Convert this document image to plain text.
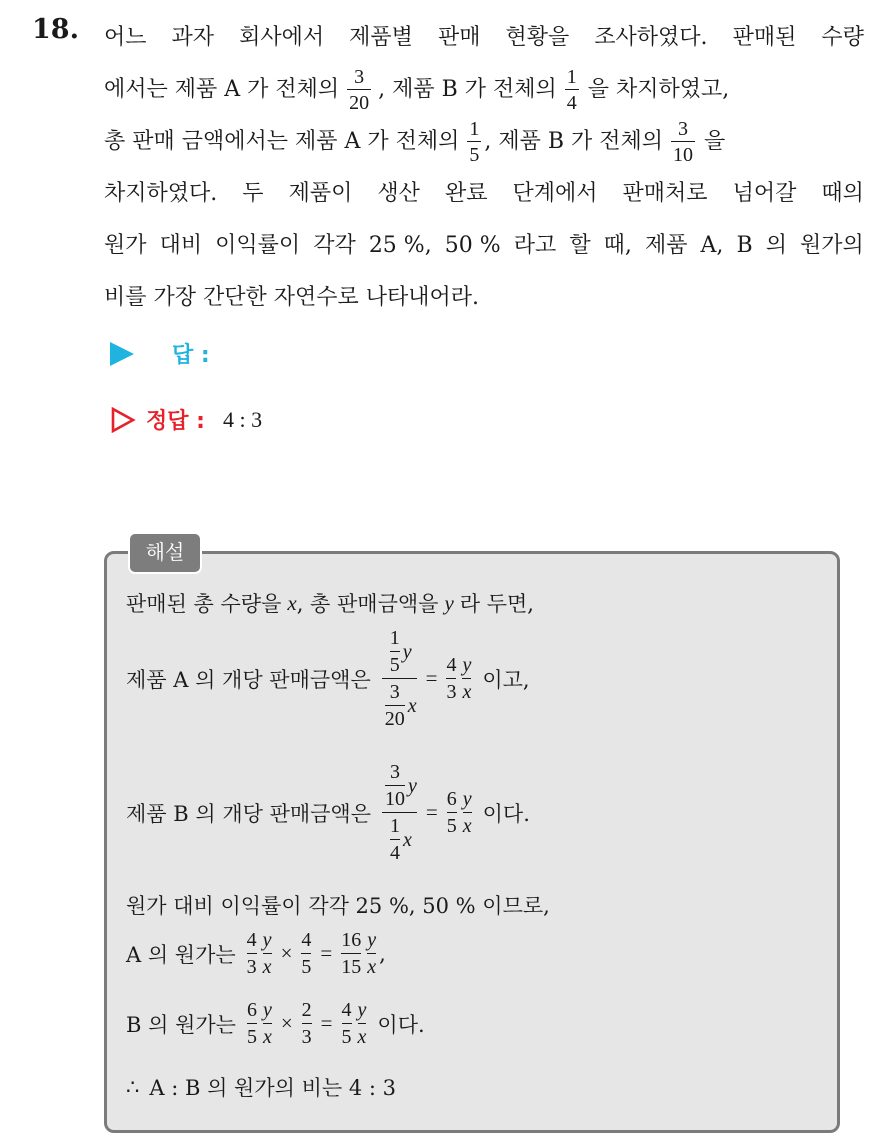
18. 어느 과자 회사에서 제품별 판매 현황을 조사하였다. 판매된 수량
에서는 제품 A 가 전체의 3
20
, 제품 B 가 전체의 1
4
을 차지하였고,
총 판매 금액에서는 제품 A 가 전체의 1
5
, 제품 B 가 전체의 3
10
을
차지하였다. 두 제품이 생산 완료 단계에서 판매처로 넘어갈 때의
원가 대비 이익률이 각각 25 %, 50 % 라고 할 때, 제품 A, B 의 원가의
비를 가장 간단한 자연수로 나타내어라.
답 :
정답 : 4 : 3
해설
판매된 총 수량을 x , 총 판매금액을 y 라 두면,
제품 A 의 개당 판매금액은
1
5
y
3
20
x
=
4
3
y
x
이고,
제품 B 의 개당 판매금액은
3
10
y
1
4
x
=
6
5
y
x
이다.
원가 대비 이익률이 각각 25 %, 50 % 이므로,
A 의 원가는
4
3
y
x
×
4
5
=
16
15
y
x
,
B 의 원가는
6
5
y
x
×
2
3
=
4
5
y
x
이다.
∴ A : B 의 원가의 비는 4 : 3
